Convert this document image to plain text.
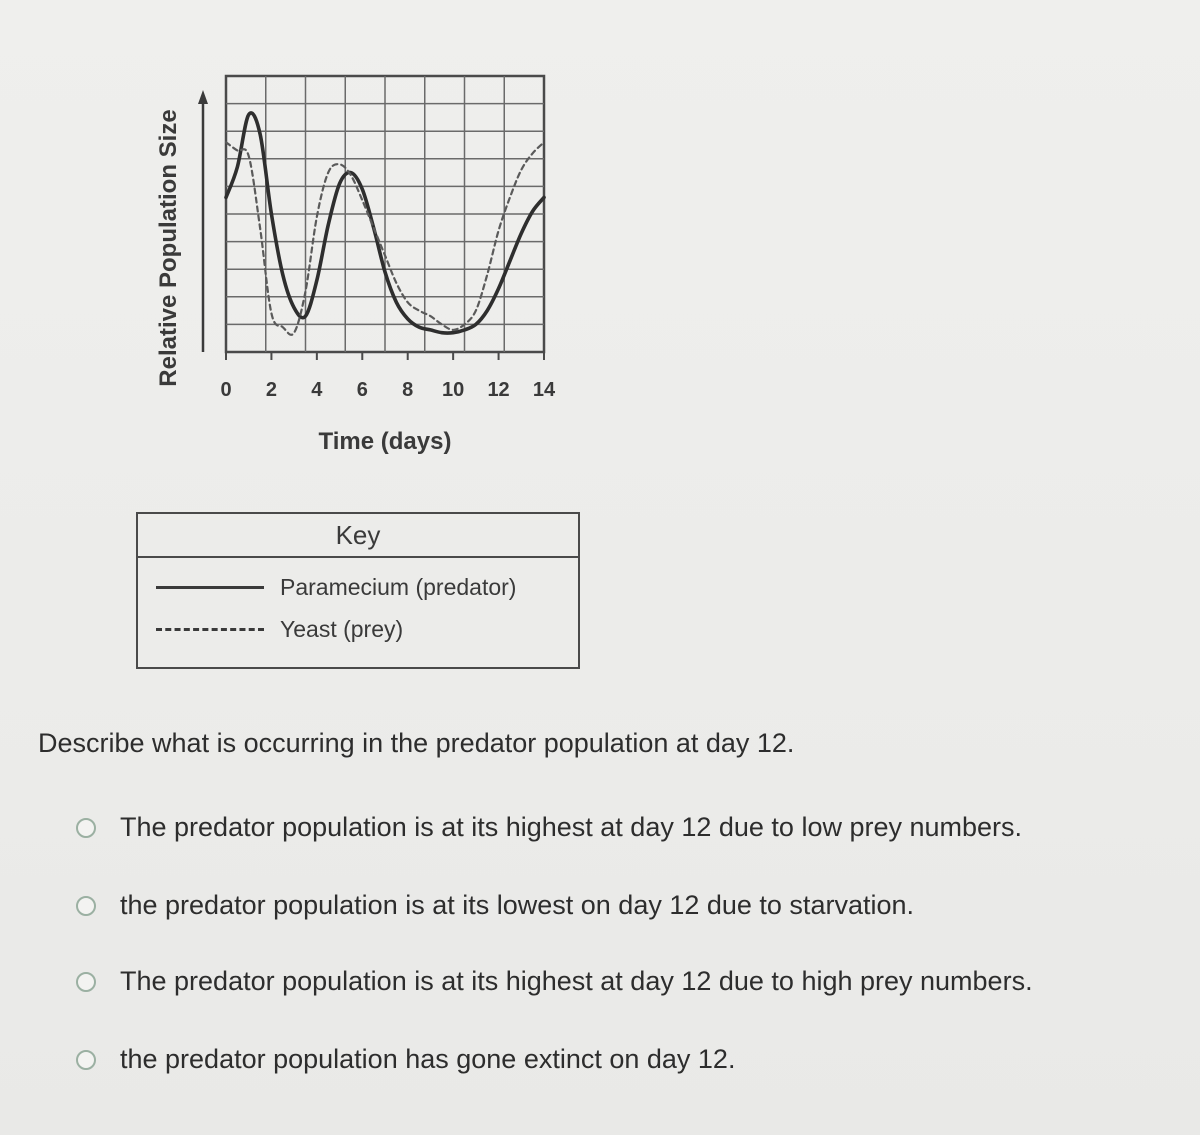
0 2 4 6 8 10 12 14
Relative Population Size
Time (days)
Key
Paramecium (predator)
Yeast (prey)
Describe what is occurring in the predator population at day 12.
The predator population is at its highest at day 12 due to low prey numbers.
the predator population is at its lowest on day 12 due to starvation.
The predator population is at its highest at day 12 due to high prey numbers.
the predator population has gone extinct on day 12.
